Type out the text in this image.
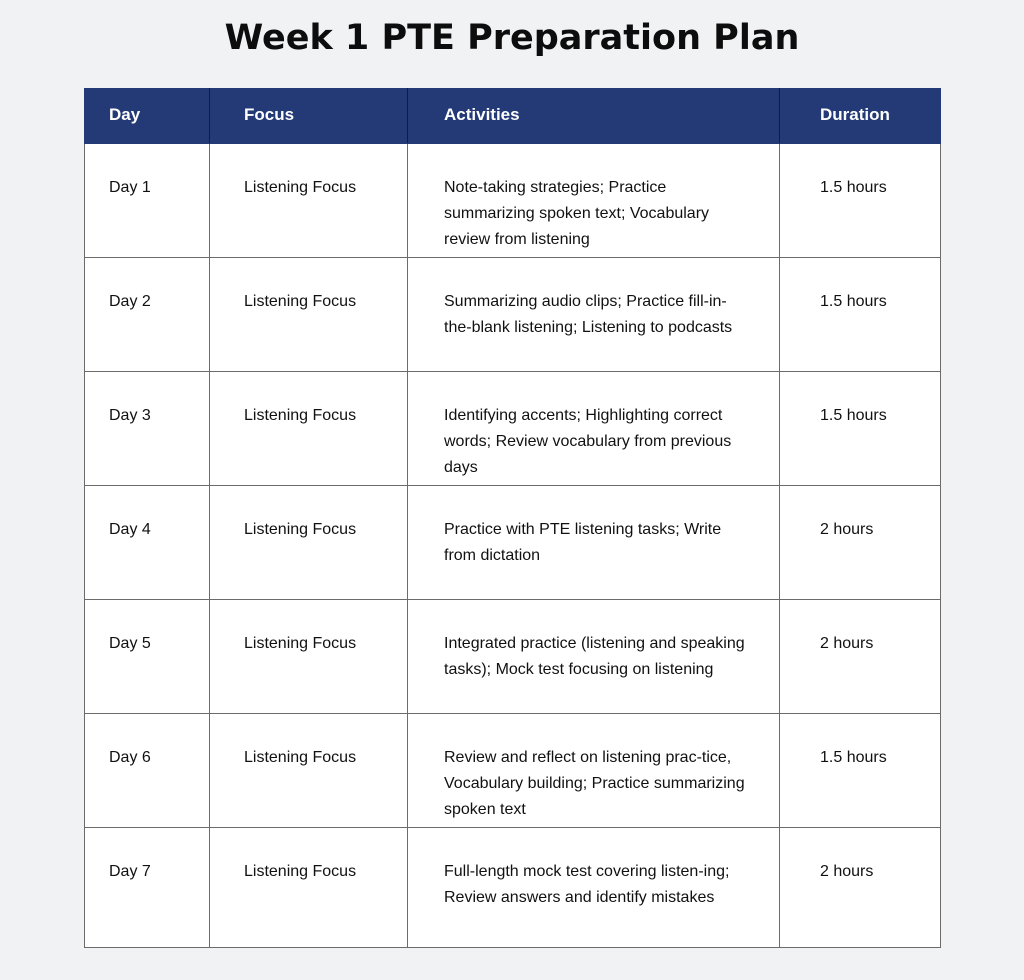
Week 1 PTE Preparation Plan
Day	Focus	Activities	Duration
Day 1	Listening Focus	Note-taking strategies; Practice summarizing spoken text; Vocabulary review from listening	1.5 hours
Day 2	Listening Focus	Summarizing audio clips; Practice fill-in-the-blank listening; Listening to podcasts	1.5 hours
Day 3	Listening Focus	Identifying accents; Highlighting correct words; Review vocabulary from previous days	1.5 hours
Day 4	Listening Focus	Practice with PTE listening tasks; Write from dictation	2 hours
Day 5	Listening Focus	Integrated practice (listening and speaking tasks); Mock test focusing on listening	2 hours
Day 6	Listening Focus	Review and reflect on listening prac-tice, Vocabulary building; Practice summarizing spoken text	1.5 hours
Day 7	Listening Focus	Full-length mock test covering listen-ing; Review answers and identify mistakes	2 hours
